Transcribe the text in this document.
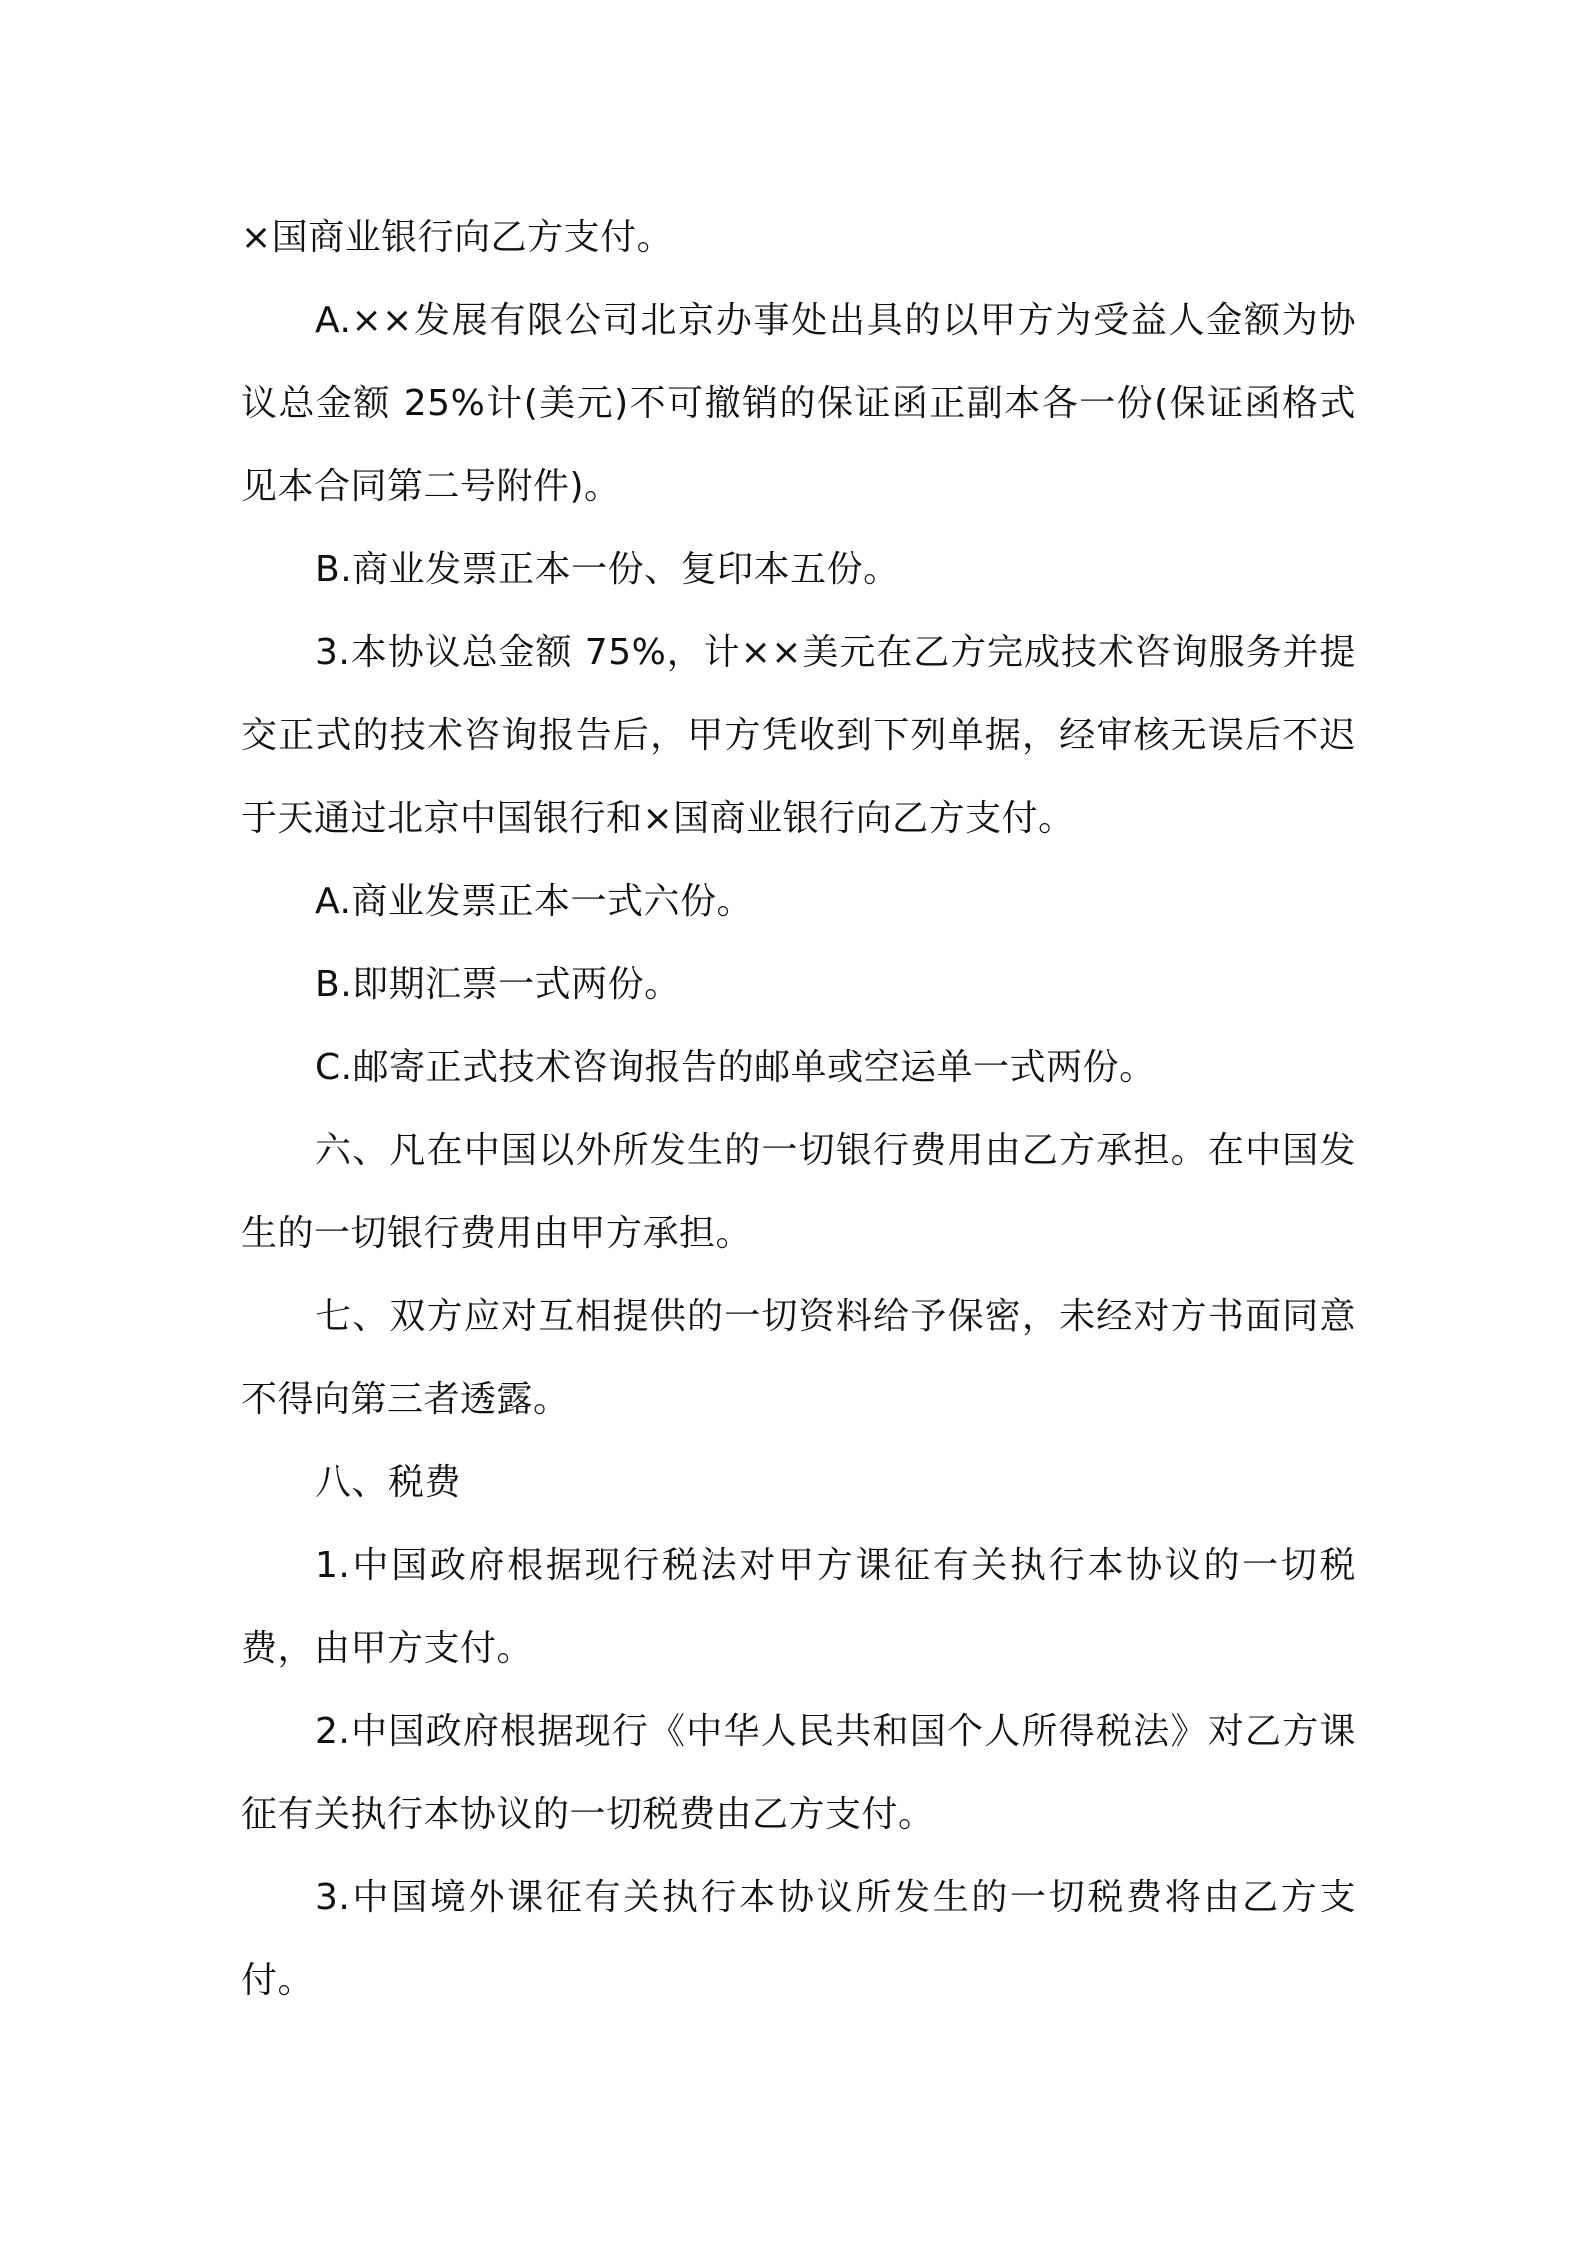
×国商业银行向乙方支付。

A.××发展有限公司北京办事处出具的以甲方为受益人金额为协议总金额 25%计(美元)不可撤销的保证函正副本各一份(保证函格式见本合同第二号附件)。

B.商业发票正本一份、复印本五份。

3.本协议总金额 75%，计××美元在乙方完成技术咨询服务并提交正式的技术咨询报告后，甲方凭收到下列单据，经审核无误后不迟于天通过北京中国银行和×国商业银行向乙方支付。

A.商业发票正本一式六份。

B.即期汇票一式两份。

C.邮寄正式技术咨询报告的邮单或空运单一式两份。

六、凡在中国以外所发生的一切银行费用由乙方承担。在中国发生的一切银行费用由甲方承担。

七、双方应对互相提供的一切资料给予保密，未经对方书面同意不得向第三者透露。

八、税费

1.中国政府根据现行税法对甲方课征有关执行本协议的一切税费，由甲方支付。

2.中国政府根据现行《中华人民共和国个人所得税法》对乙方课征有关执行本协议的一切税费由乙方支付。

3.中国境外课征有关执行本协议所发生的一切税费将由乙方支付。
